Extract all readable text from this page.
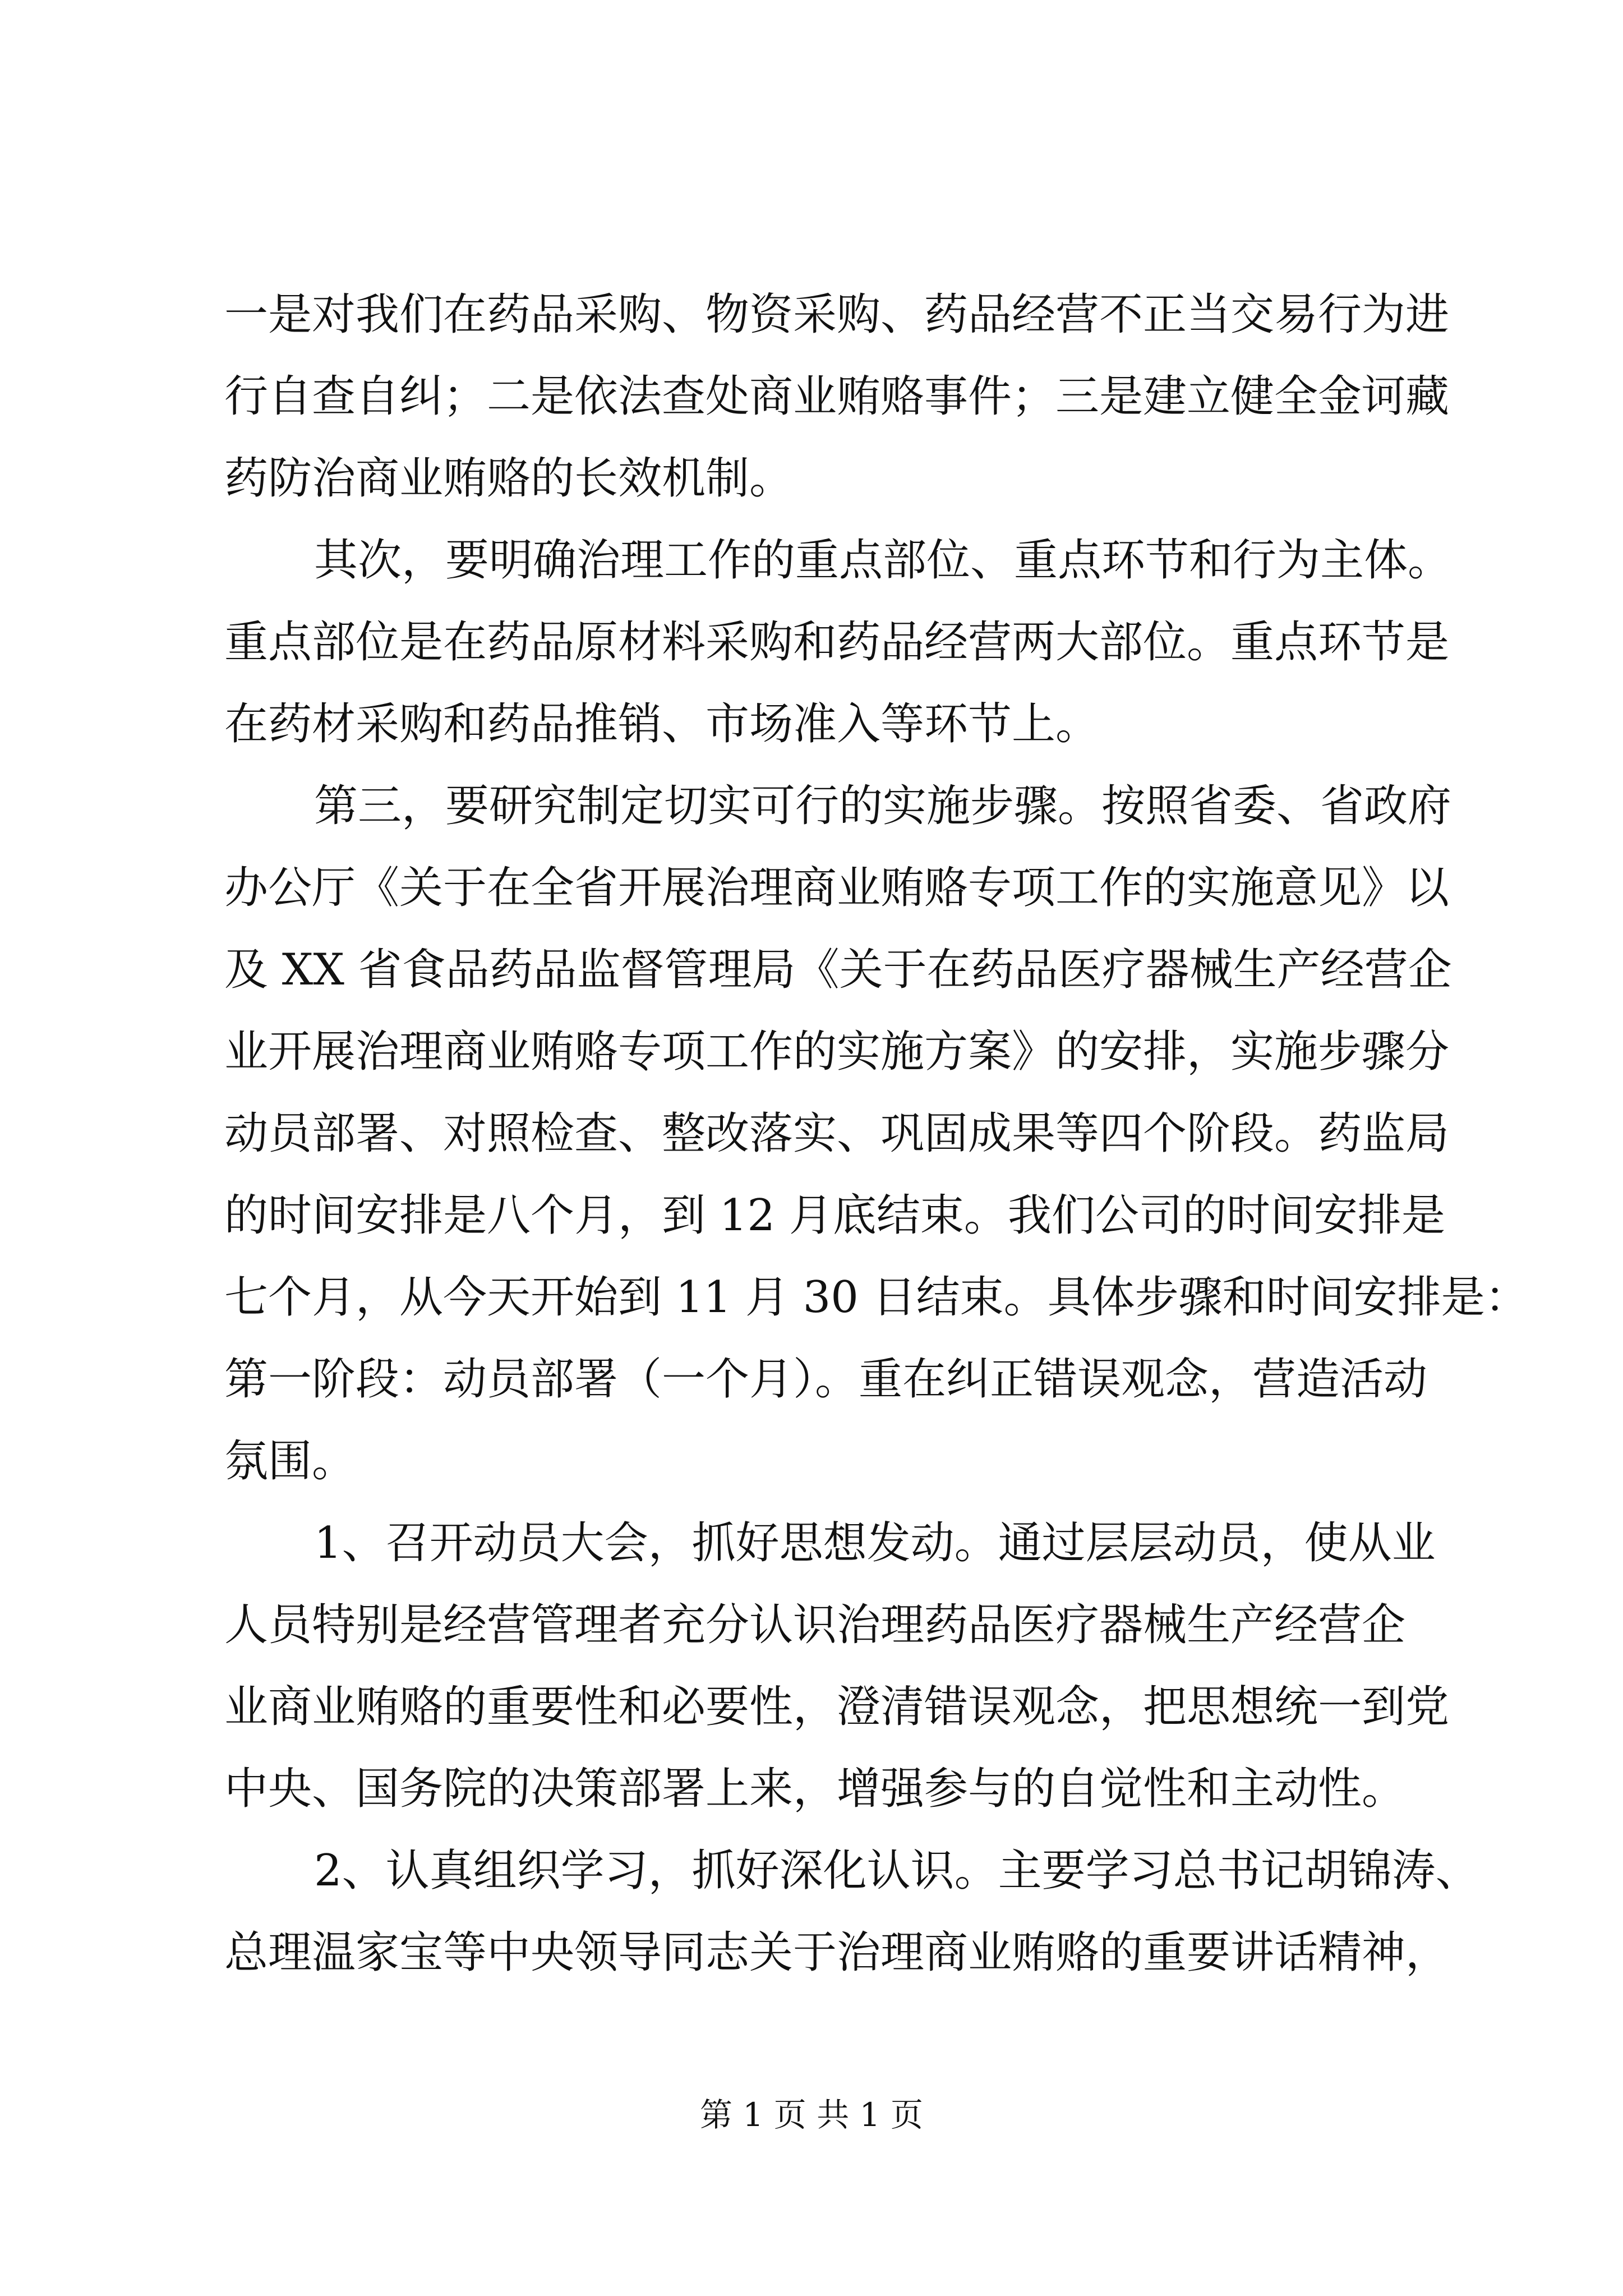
一是对我们在药品采购、物资采购、药品经营不正当交易行为进
行自查自纠；二是依法查处商业贿赂事件；三是建立健全金诃藏
药防治商业贿赂的长效机制。
其次，要明确治理工作的重点部位、重点环节和行为主体。
重点部位是在药品原材料采购和药品经营两大部位。重点环节是
在药材采购和药品推销、市场准入等环节上。
第三，要研究制定切实可行的实施步骤。按照省委、省政府
办公厅《关于在全省开展治理商业贿赂专项工作的实施意见》以
及 XX 省食品药品监督管理局《关于在药品医疗器械生产经营企
业开展治理商业贿赂专项工作的实施方案》的安排，实施步骤分
动员部署、对照检查、整改落实、巩固成果等四个阶段。药监局
的时间安排是八个月，到 12 月底结束。我们公司的时间安排是
七个月，从今天开始到 11 月 30 日结束。具体步骤和时间安排是：
第一阶段：动员部署（一个月）。重在纠正错误观念，营造活动
氛围。
1、召开动员大会，抓好思想发动。通过层层动员，使从业
人员特别是经营管理者充分认识治理药品医疗器械生产经营企
业商业贿赂的重要性和必要性，澄清错误观念，把思想统一到党
中央、国务院的决策部署上来，增强参与的自觉性和主动性。
2、认真组织学习，抓好深化认识。主要学习总书记胡锦涛、
总理温家宝等中央领导同志关于治理商业贿赂的重要讲话精神，
第 1 页 共 1 页
